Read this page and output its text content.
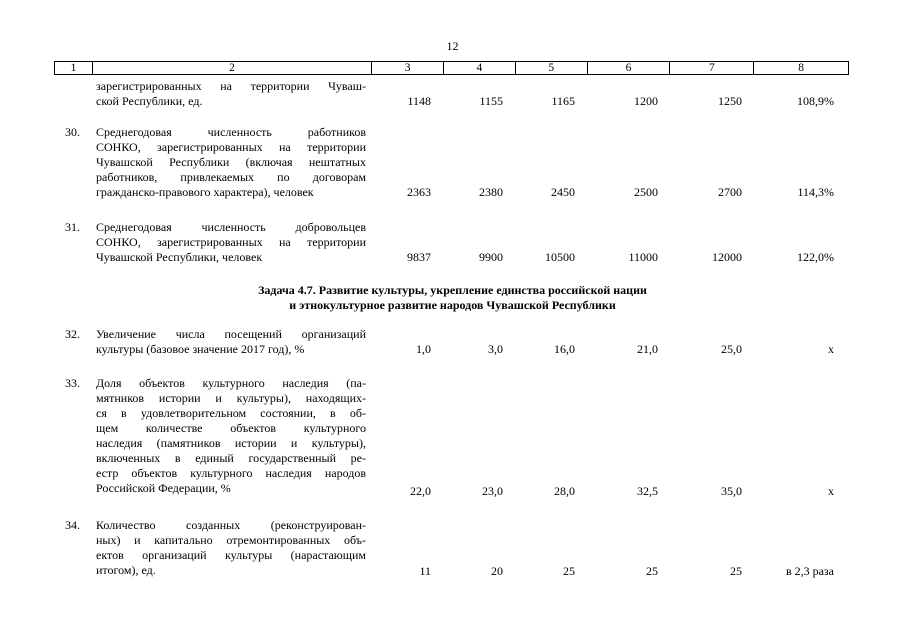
12
1	2	3	4	5	6	7	8
зарегистрированных на территории Чуваш-
ской Республики, ед.	1148	1155	1165	1200	1250	108,9%
30.	Среднегодовая численность работников
СОНКО, зарегистрированных на территории
Чувашской Республики (включая нештатных
работников, привлекаемых по договорам
гражданско-правового характера), человек	2363	2380	2450	2500	2700	114,3%
31.	Среднегодовая численность добровольцев
СОНКО, зарегистрированных на территории
Чувашской Республики, человек	9837	9900	10500	11000	12000	122,0%
Задача 4.7. Развитие культуры, укрепление единства российской нации
и этнокультурное развитие народов Чувашской Республики
32.	Увеличение числа посещений организаций
культуры (базовое значение 2017 год), %	1,0	3,0	16,0	21,0	25,0	х
33.	Доля объектов культурного наследия (па-
мятников истории и культуры), находящих-
ся в удовлетворительном состоянии, в об-
щем количестве объектов культурного
наследия (памятников истории и культуры),
включенных в единый государственный ре-
естр объектов культурного наследия народов
Российской Федерации, %	22,0	23,0	28,0	32,5	35,0	х
34.	Количество созданных (реконструирован-
ных) и капитально отремонтированных объ-
ектов организаций культуры (нарастающим
итогом), ед.	11	20	25	25	25	в 2,3 раза
